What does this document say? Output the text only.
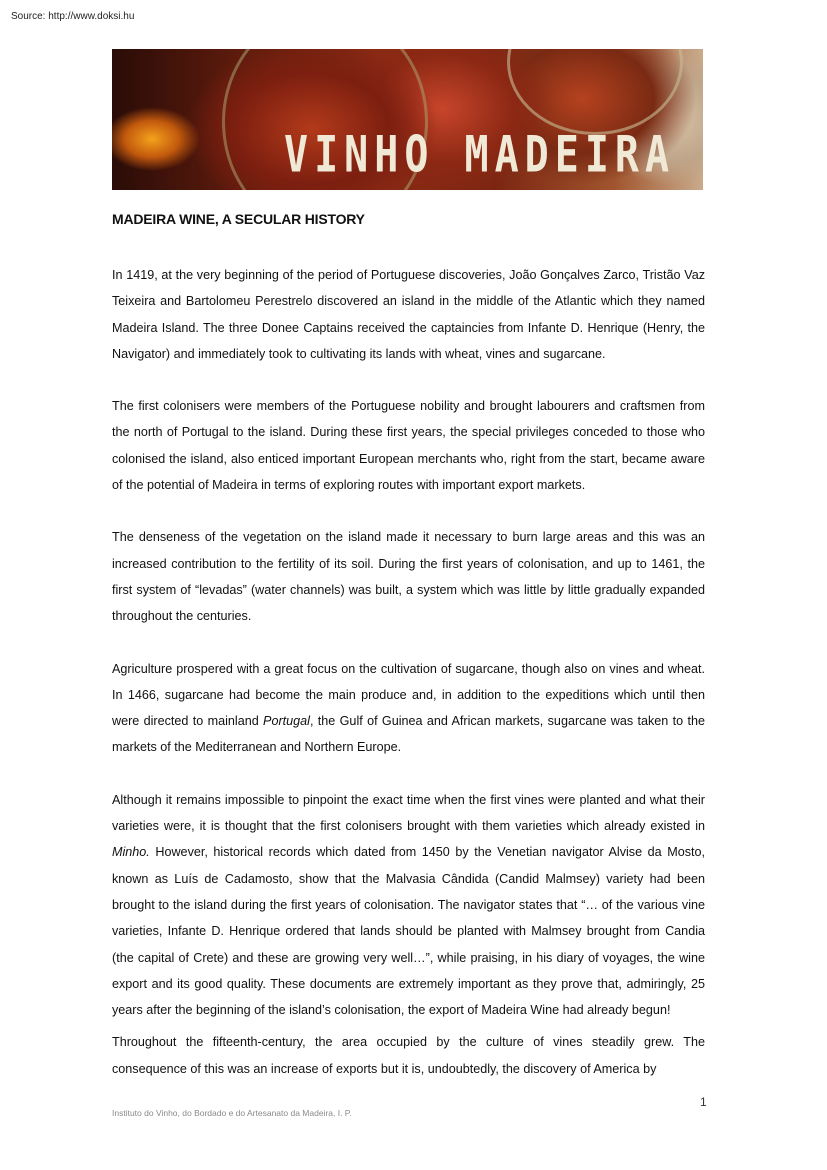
Source: http://www.doksi.hu
VINHO MADEIRA
MADEIRA WINE, A SECULAR HISTORY

In 1419, at the very beginning of the period of Portuguese discoveries, João Gonçalves Zarco, Tristão Vaz Teixeira and Bartolomeu Perestrelo discovered an island in the middle of the Atlantic which they named Madeira Island. The three Donee Captains received the captaincies from Infante D. Henrique (Henry, the Navigator) and immediately took to cultivating its lands with wheat, vines and sugarcane.

The first colonisers were members of the Portuguese nobility and brought labourers and craftsmen from the north of Portugal to the island. During these first years, the special privileges conceded to those who colonised the island, also enticed important European merchants who, right from the start, became aware of the potential of Madeira in terms of exploring routes with important export markets.

The denseness of the vegetation on the island made it necessary to burn large areas and this was an increased contribution to the fertility of its soil. During the first years of colonisation, and up to 1461, the first system of “levadas” (water channels) was built, a system which was little by little gradually expanded throughout the centuries.

Agriculture prospered with a great focus on the cultivation of sugarcane, though also on vines and wheat. In 1466, sugarcane had become the main produce and, in addition to the expeditions which until then were directed to mainland Portugal, the Gulf of Guinea and African markets, sugarcane was taken to the markets of the Mediterranean and Northern Europe.

Although it remains impossible to pinpoint the exact time when the first vines were planted and what their varieties were, it is thought that the first colonisers brought with them varieties which already existed in Minho. However, historical records which dated from 1450 by the Venetian navigator Alvise da Mosto, known as Luís de Cadamosto, show that the Malvasia Cândida (Candid Malmsey) variety had been brought to the island during the first years of colonisation. The navigator states that “… of the various vine varieties, Infante D. Henrique ordered that lands should be planted with Malmsey brought from Candia (the capital of Crete) and these are growing very well…”, while praising, in his diary of voyages, the wine export and its good quality. These documents are extremely important as they prove that, admiringly, 25 years after the beginning of the island’s colonisation, the export of Madeira Wine had already begun!

Throughout the fifteenth-century, the area occupied by the culture of vines steadily grew. The consequence of this was an increase of exports but it is, undoubtedly, the discovery of America by

1
Instituto do Vinho, do Bordado e do Artesanato da Madeira, I. P.
